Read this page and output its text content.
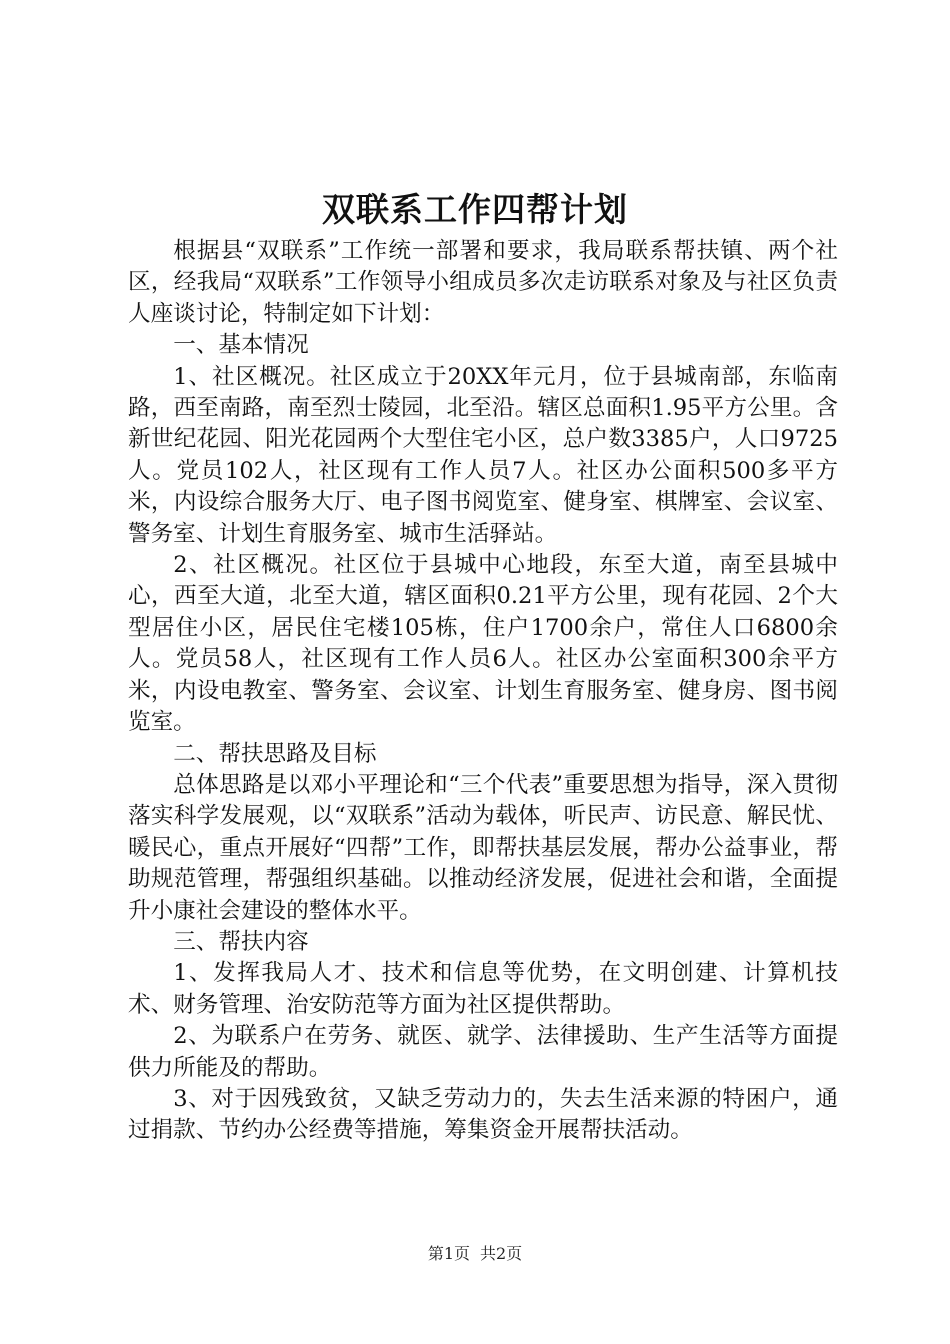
双联系工作四帮计划

根据县“双联系”工作统一部署和要求，我局联系帮扶镇、两个社区，经我局“双联系”工作领导小组成员多次走访联系对象及与社区负责人座谈讨论，特制定如下计划：

一、基本情况

1、社区概况。社区成立于20XX年元月，位于县城南部，东临南路，西至南路，南至烈士陵园，北至沿。辖区总面积1.95平方公里。含新世纪花园、阳光花园两个大型住宅小区，总户数3385户，人口9725人。党员102人，社区现有工作人员7人。社区办公面积500多平方米，内设综合服务大厅、电子图书阅览室、健身室、棋牌室、会议室、警务室、计划生育服务室、城市生活驿站。

2、社区概况。社区位于县城中心地段，东至大道，南至县城中心，西至大道，北至大道，辖区面积0.21平方公里，现有花园、2个大型居住小区，居民住宅楼105栋，住户1700余户，常住人口6800余人。党员58人，社区现有工作人员6人。社区办公室面积300余平方米，内设电教室、警务室、会议室、计划生育服务室、健身房、图书阅览室。

二、帮扶思路及目标

总体思路是以邓小平理论和“三个代表”重要思想为指导，深入贯彻落实科学发展观，以“双联系”活动为载体，听民声、访民意、解民忧、暖民心，重点开展好“四帮”工作，即帮扶基层发展，帮办公益事业，帮助规范管理，帮强组织基础。以推动经济发展，促进社会和谐，全面提升小康社会建设的整体水平。

三、帮扶内容

1、发挥我局人才、技术和信息等优势，在文明创建、计算机技术、财务管理、治安防范等方面为社区提供帮助。

2、为联系户在劳务、就医、就学、法律援助、生产生活等方面提供力所能及的帮助。

3、对于因残致贫，又缺乏劳动力的，失去生活来源的特困户，通过捐款、节约办公经费等措施，筹集资金开展帮扶活动。

第1页 共2页
